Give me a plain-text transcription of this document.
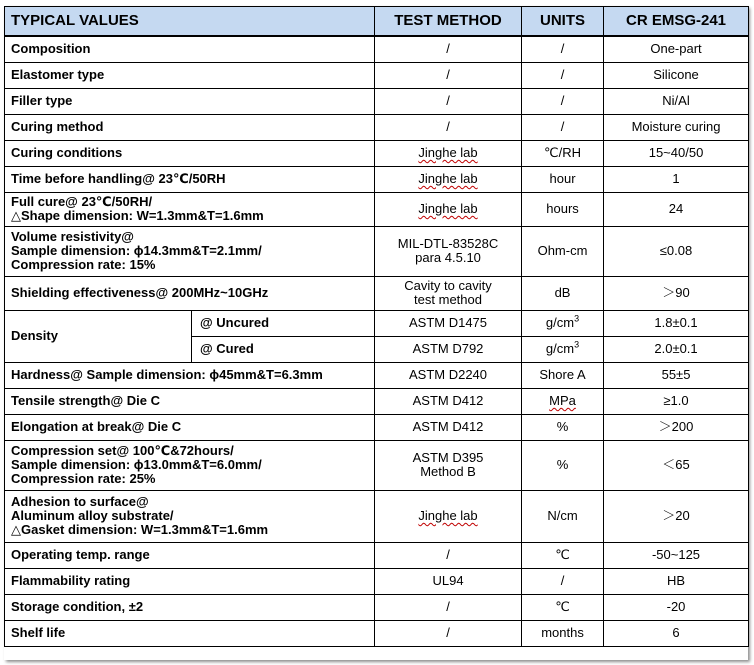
TYPICAL VALUES		TEST METHOD	UNITS	CR EMSG-241
Composition		/	/	One-part
Elastomer type		/	/	Silicone
Filler type		/	/	Ni/Al
Curing method		/	/	Moisture curing
Curing conditions		Jinghe lab	℃/RH	15~40/50
Time before handling@ 23℃/50RH		Jinghe lab	hour	1

Full cure@ 23℃/50RH/
△Shape dimension: W=1.3mm&T=1.6mm		Jinghe lab	hours	24

Volume resistivity@
Sample dimension: ϕ14.3mm&T=2.1mm/
Compression rate: 15%		MIL-DTL-83528C
para 4.5.10	Ohm-cm	≤0.08
Shielding effectiveness@ 200MHz~10GHz		Cavity to cavity
test method	dB	＞90
Density	@ Uncured	ASTM D1475	$g/cm^3$	1.8±0.1
	@ Cured	ASTM D792	$g/cm^3$	2.0±0.1
Hardness@ Sample dimension: ϕ45mm&T=6.3mm		ASTM D2240	Shore A	55±5
Tensile strength@ Die C		ASTM D412	MPa	≥1.0
Elongation at break@ Die C		ASTM D412	%	＞200

Compression set@ 100℃&72hours/
Sample dimension: ϕ13.0mm&T=6.0mm/
Compression rate: 25%		ASTM D395
Method B	%	＜65

Adhesion to surface@
Aluminum alloy substrate/
△Gasket dimension: W=1.3mm&T=1.6mm		Jinghe lab	N/cm	＞20
Operating temp. range		/	℃	-50~125
Flammability rating		UL94	/	HB
Storage condition, ±2		/	℃	-20
Shelf life		/	months	6
